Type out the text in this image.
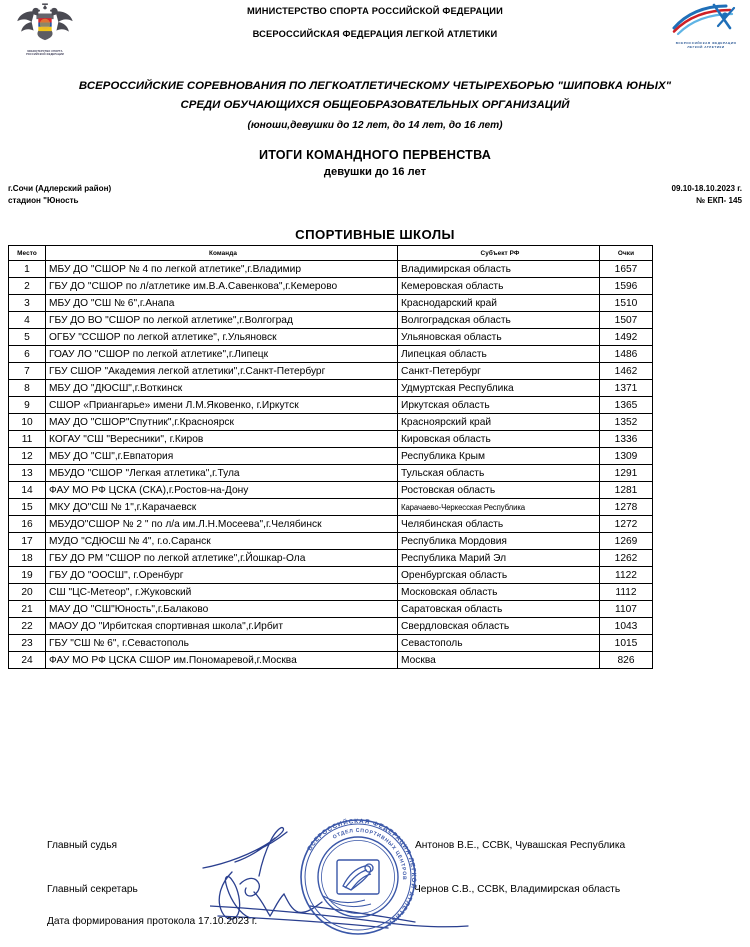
МИНИСТЕРСТВО СПОРТА
РОССИЙСКОЙ ФЕДЕРАЦИИ
МИНИСТЕРСТВО СПОРТА РОССИЙСКОЙ ФЕДЕРАЦИИ
ВСЕРОССИЙСКАЯ ФЕДЕРАЦИЯ ЛЕГКОЙ АТЛЕТИКИ
ВСЕРОССИЙСКАЯ ФЕДЕРАЦИЯ
ЛЕГКОЙ АТЛЕТИКИ
ВСЕРОССИЙСКИЕ СОРЕВНОВАНИЯ ПО ЛЕГКОАТЛЕТИЧЕСКОМУ ЧЕТЫРЕХБОРЬЮ "ШИПОВКА ЮНЫХ"
СРЕДИ ОБУЧАЮЩИХСЯ ОБЩЕОБРАЗОВАТЕЛЬНЫХ ОРГАНИЗАЦИЙ
(юноши,девушки до 12 лет, до 14 лет, до 16 лет)
ИТОГИ КОМАНДНОГО ПЕРВЕНСТВА
девушки до 16 лет
г.Сочи (Адлерский район)
стадион "Юность
09.10-18.10.2023 г.
№ ЕКП- 145
СПОРТИВНЫЕ ШКОЛЫ
Место	Команда	Субъект РФ	Очки
1	МБУ ДО "СШОР № 4 по легкой атлетике",г.Владимир	Владимирская область	1657
2	ГБУ ДО "СШОР по л/атлетике им.В.А.Савенкова",г.Кемерово	Кемеровская область	1596
3	МБУ ДО "СШ № 6",г.Анапа	Краснодарский край	1510
4	ГБУ ДО ВО "СШОР по легкой атлетике",г.Волгоград	Волгоградская область	1507
5	ОГБУ "ССШОР по легкой атлетике", г.Ульяновск	Ульяновская область	1492
6	ГОАУ ЛО "СШОР по легкой атлетике",г.Липецк	Липецкая область	1486
7	ГБУ СШОР "Академия легкой атлетики",г.Санкт-Петербург	Санкт-Петербург	1462
8	МБУ ДО "ДЮСШ",г.Воткинск	Удмуртская Республика	1371
9	СШОР «Приангарье» имени Л.М.Яковенко, г.Иркутск	Иркутская область	1365
10	МАУ ДО "СШОР"Спутник",г.Красноярск	Красноярский край	1352
11	КОГАУ "СШ "Вересники", г.Киров	Кировская область	1336
12	МБУ ДО "СШ",г.Евпатория	Республика Крым	1309
13	МБУДО "СШОР "Легкая атлетика",г.Тула	Тульская область	1291
14	ФАУ МО РФ ЦСКА (СКА),г.Ростов-на-Дону	Ростовская область	1281
15	МКУ ДО"СШ № 1",г.Карачаевск	Карачаево-Черкесская Республика	1278
16	МБУДО"СШОР № 2 " по л/а им.Л.Н.Мосеева",г.Челябинск	Челябинская область	1272
17	МУДО "СДЮСШ № 4", г.о.Саранск	Республика Мордовия	1269
18	ГБУ ДО РМ "СШОР по легкой атлетике",г.Йошкар-Ола	Республика Марий Эл	1262
19	ГБУ ДО "ООСШ", г.Оренбург	Оренбургская область	1122
20	СШ "ЦС-Метеор", г.Жуковский	Московская область	1112
21	МАУ ДО "СШ"Юность",г.Балаково	Саратовская область	1107
22	МАОУ ДО "Ирбитская спортивная школа",г.Ирбит	Свердловская область	1043
23	ГБУ "СШ № 6", г.Севастополь	Севастополь	1015
24	ФАУ МО РФ ЦСКА СШОР им.Пономаревой,г.Москва	Москва	826
Главный судья	Антонов В.Е., ССВК, Чувашская Республика
Главный секретарь	Чернов С.В., ССВК, Владимирская область
ВСЕРОССИЙСКАЯ ФЕДЕРАЦИЯ ЛЕГКОЙ АТЛЕТИКИ
ОТДЕЛ СПОРТИВНЫХ ЦЕНТРОВ
Дата формирования протокола 17.10.2023 г.
